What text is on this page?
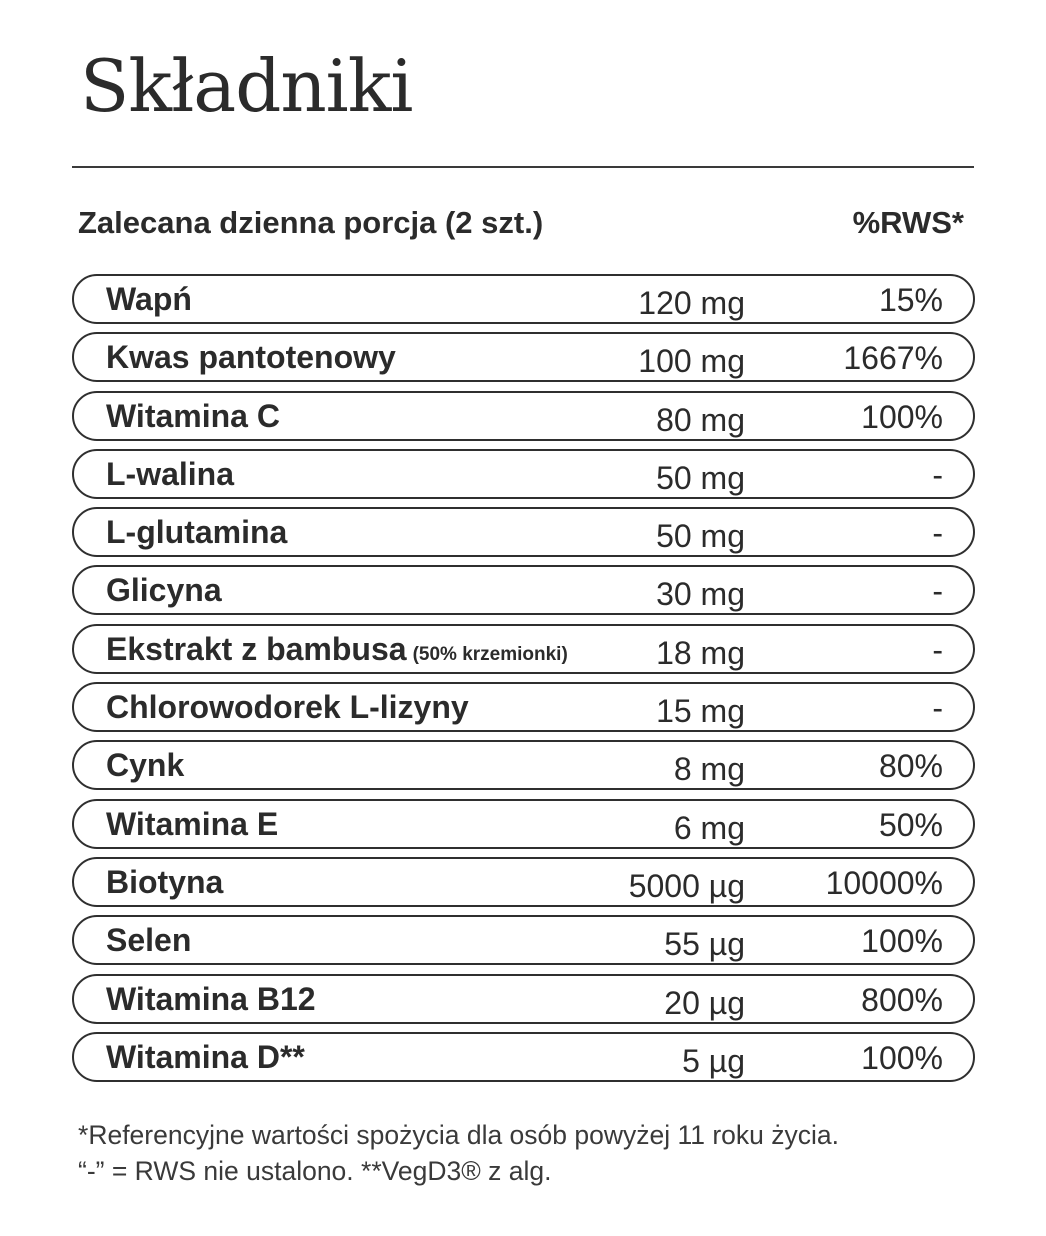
Składniki
Zalecana dzienna porcja (2 szt.)	%RWS*
Wapń	120 mg	15%
Kwas pantotenowy	100 mg	1667%
Witamina C	80 mg	100%
L-walina	50 mg	-
L-glutamina	50 mg	-
Glicyna	30 mg	-
Ekstrakt z bambusa (50% krzemionki)	18 mg	-
Chlorowodorek L-lizyny	15 mg	-
Cynk	8 mg	80%
Witamina E	6 mg	50%
Biotyna	5000 µg	10000%
Selen	55 µg	100%
Witamina B12	20 µg	800%
Witamina D**	5 µg	100%
*Referencyjne wartości spożycia dla osób powyżej 11 roku życia.
“-” = RWS nie ustalono. **VegD3® z alg.
